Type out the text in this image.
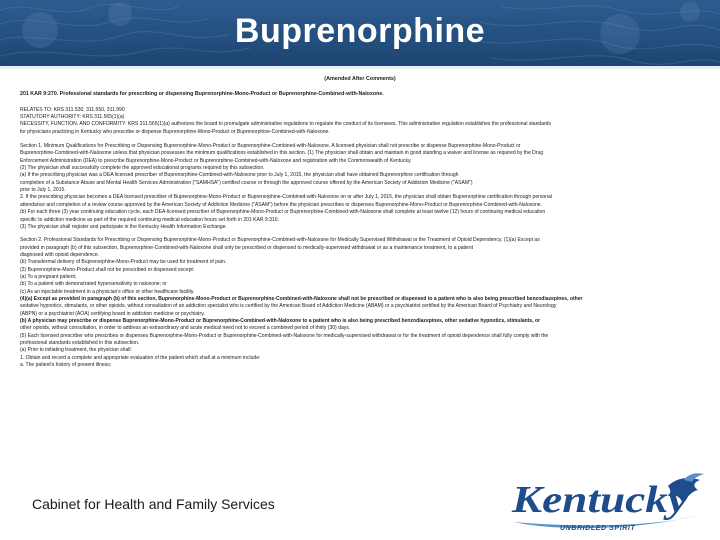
Buprenorphine
(Amended After Comments)
201 KAR 9:270. Professional standards for prescribing or dispensing Buprenorphine-Mono-Product or Buprenorphine-Combined-with-Naloxone.
RELATES TO: KRS 311.530, 311.550, 311.990
STATUTORY AUTHORITY: KRS 311.565(1)(a)
NECESSITY, FUNCTION, AND CONFORMITY: KRS 311.565(1)(a) authorizes the board to promulgate administrative regulations to regulate the conduct of its licensees. This administrative regulation establishes the professional standards
for physicians practicing in Kentucky who prescribe or dispense Buprenorphine-Mono-Product or Buprenorphine-Combined-with-Naloxone.
Section 1. Minimum Qualifications for Prescribing or Dispensing Buprenorphine-Mono-Product or Buprenorphine-Combined-with-Naloxone. A licensed physician shall not prescribe or dispense Buprenorphine-Mono-Product or
Buprenorphine-Combined-with-Naloxone unless that physician possesses the minimum qualifications established in this section. (1) The physician shall obtain and maintain in good standing a waiver and license as required by the Drug
Enforcement Administration (DEA) to prescribe Buprenorphine-Mono-Product or Buprenorphine-Combined-with-Naloxone and registration with the Commonwealth of Kentucky.
(2) The physician shall successfully complete the approved educational programs required by this subsection.
(a) If the prescribing physician was a DEA licensed prescriber of Buprenorphine-Combined-with-Naloxone prior to July 1, 2015, the physician shall have obtained Buprenorphine certification through
completion of a Substance Abuse and Mental Health Services Administration ("SAMHSA") certified course or through the approved course offered by the American Society of Addiction Medicine ("ASAM")
prior to July 1, 2015.
2. If the prescribing physician becomes a DEA licensed prescriber of Buprenorphine-Mono-Product or Buprenorphine-Combined-with-Naloxone on or after July 1, 2015, the physician shall obtain Buprenorphine certification through personal
attendance and completion of a review course approved by the American Society of Addiction Medicine ("ASAM") before the physician prescribes or dispenses Buprenorphine-Mono-Product or Buprenorphine-Combined-with-Naloxone.
(b) For each three (3) year continuing education cycle, each DEA-licensed prescriber of Buprenorphine-Mono-Product or Buprenorphine-Combined-with-Naloxone shall complete at least twelve (12) hours of continuing medical education
specific to addiction medicine as part of the required continuing medical education hours set forth in 201 KAR 9:310.
(3) The physician shall register and participate in the Kentucky Health Information Exchange.
Section 2. Professional Standards for Prescribing or Dispensing Buprenorphine-Mono-Product or Buprenorphine-Combined-with-Naloxone for Medically Supervised Withdrawal or the Treatment of Opioid Dependency. (1)(a) Except as
provided in paragraph (b) of this subsection, Buprenorphine-Combined-with-Naloxone shall only be prescribed or dispensed to medically-supervised withdrawal or as a maintenance treatment, to a patient
diagnosed with opioid dependence.
(b) Transdermal delivery of Buprenorphine-Mono-Product may be used for treatment of pain.
(2) Buprenorphine-Mono-Product shall not be prescribed or dispensed except:
(a) To a pregnant patient;
(b) To a patient with demonstrated hypersensitivity to naloxone; or
(c) As an injectable treatment in a physician's office or other healthcare facility.
(4)(a) Except as provided in paragraph (b) of this section, Buprenorphine-Mono-Product or Buprenorphine-Combined-with-Naloxone shall not be prescribed or dispensed to a patient who is also being prescribed benzodiazepines, other
sedative hypnotics, stimulants, or other opioids, without consultation of an addiction specialist who is certified by the American Board of Addiction Medicine (ABAM) or a psychiatrist certified by the American Board of Psychiatry and Neurology
(ABPN) or a psychiatrist (AOA) certifying board in addiction medicine or psychiatry.
(b) A physician may prescribe or dispense Buprenorphine-Mono-Product or Buprenorphine-Combined-with-Naloxone to a patient who is also being prescribed benzodiazepines, other sedative hypnotics, stimulants, or
other opioids, without consultation, in order to address an extraordinary and acute medical need not to exceed a combined period of thirty (30) days.
(5) Each licensed prescriber who prescribes or dispenses Buprenorphine-Mono-Product or Buprenorphine-Combined-with-Naloxone for medically-supervised withdrawal or for the treatment of opioid dependence shall fully comply with the
professional standards established in this subsection.
(a) Prior to initiating treatment, the physician shall:
1. Obtain and record a complete and appropriate evaluation of the patient which shall at a minimum include:
a. The patient's history of present illness;
Cabinet for Health and Family Services	Kentucky
UNBRIDLED SPIRIT
